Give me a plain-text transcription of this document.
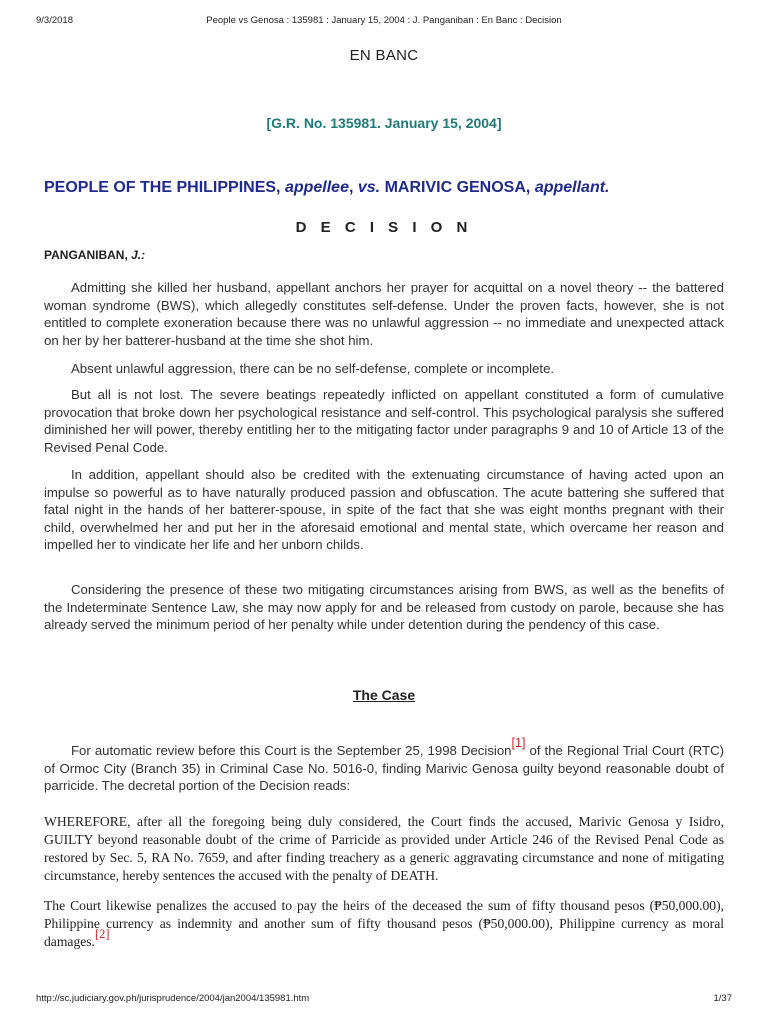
9/3/2018	People vs Genosa : 135981 : January 15, 2004 : J. Panganiban : En Banc : Decision
EN BANC
[G.R. No. 135981. January 15, 2004]
PEOPLE OF THE PHILIPPINES, appellee, vs. MARIVIC GENOSA, appellant.
D E C I S I O N
PANGANIBAN, J.:

Admitting she killed her husband, appellant anchors her prayer for acquittal on a novel theory -- the battered woman syndrome (BWS), which allegedly constitutes self-defense. Under the proven facts, however, she is not entitled to complete exoneration because there was no unlawful aggression -- no immediate and unexpected attack on her by her batterer-husband at the time she shot him.

Absent unlawful aggression, there can be no self-defense, complete or incomplete.

But all is not lost. The severe beatings repeatedly inflicted on appellant constituted a form of cumulative provocation that broke down her psychological resistance and self-control. This psychological paralysis she suffered diminished her will power, thereby entitling her to the mitigating factor under paragraphs 9 and 10 of Article 13 of the Revised Penal Code.

In addition, appellant should also be credited with the extenuating circumstance of having acted upon an impulse so powerful as to have naturally produced passion and obfuscation. The acute battering she suffered that fatal night in the hands of her batterer-spouse, in spite of the fact that she was eight months pregnant with their child, overwhelmed her and put her in the aforesaid emotional and mental state, which overcame her reason and impelled her to vindicate her life and her unborn childs.

Considering the presence of these two mitigating circumstances arising from BWS, as well as the benefits of the Indeterminate Sentence Law, she may now apply for and be released from custody on parole, because she has already served the minimum period of her penalty while under detention during the pendency of this case.

The Case

For automatic review before this Court is the September 25, 1998 Decision[1] of the Regional Trial Court (RTC) of Ormoc City (Branch 35) in Criminal Case No. 5016-0, finding Marivic Genosa guilty beyond reasonable doubt of parricide. The decretal portion of the Decision reads:

WHEREFORE, after all the foregoing being duly considered, the Court finds the accused, Marivic Genosa y Isidro, GUILTY beyond reasonable doubt of the crime of Parricide as provided under Article 246 of the Revised Penal Code as restored by Sec. 5, RA No. 7659, and after finding treachery as a generic aggravating circumstance and none of mitigating circumstance, hereby sentences the accused with the penalty of DEATH.

The Court likewise penalizes the accused to pay the heirs of the deceased the sum of fifty thousand pesos (₱50,000.00), Philippine currency as indemnity and another sum of fifty thousand pesos (₱50,000.00), Philippine currency as moral damages.[2]

http://sc.judiciary.gov.ph/jurisprudence/2004/jan2004/135981.htm	1/37
